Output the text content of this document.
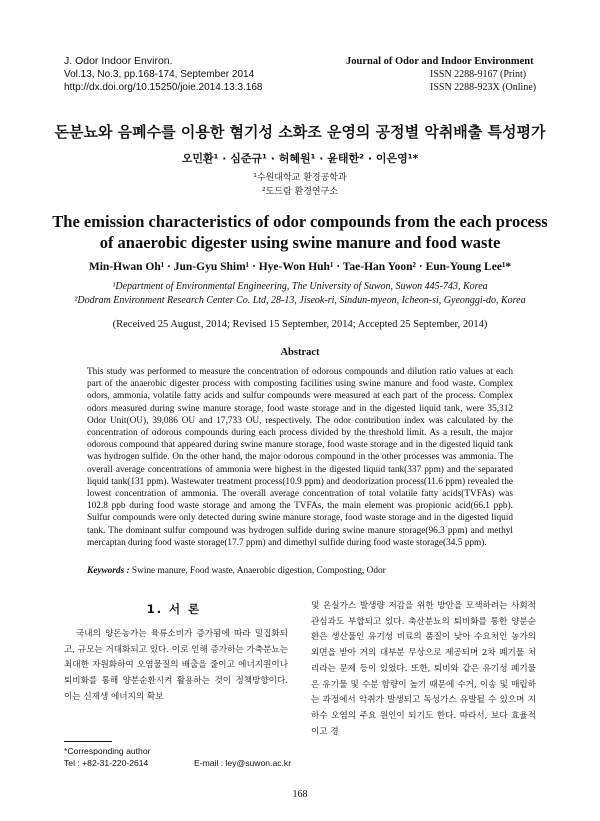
J. Odor Indoor Environ.
Vol.13, No.3, pp.168-174, September 2014
http://dx.doi.org/10.15250/joie.2014.13.3.168
Journal of Odor and Indoor Environment
ISSN 2288-9167 (Print)
ISSN 2288-923X (Online)
돈분뇨와 음폐수를 이용한 혐기성 소화조 운영의 공정별 악취배출 특성평가
오민환¹ · 심준규¹ · 허혜원¹ · 윤태한² · 이은영¹*
¹수원대학교 환경공학과
²도드람 환경연구소
The emission characteristics of odor compounds from the each process
of anaerobic digester using swine manure and food waste
Min-Hwan Oh¹ · Jun-Gyu Shim¹ · Hye-Won Huh¹ · Tae-Han Yoon² · Eun-Young Lee¹*
¹Department of Environmental Engineering, The University of Suwon, Suwon 445-743, Korea
²Dodram Environment Research Center Co. Ltd, 28-13, Jiseok-ri, Sindun-myeon, Icheon-si, Gyeonggi-do, Korea
(Received 25 August, 2014; Revised 15 September, 2014; Accepted 25 September, 2014)
Abstract
This study was performed to measure the concentration of odorous compounds and dilution ratio values at each part of the anaerobic digester process with composting facilities using swine manure and food waste. Complex odors, ammonia, volatile fatty acids and sulfur compounds were measured at each part of the process. Complex odors measured during swine manure storage, food waste storage and in the digested liquid tank, were 35,312 Odor Unit(OU), 39,086 OU and 17,733 OU, respectively. The odor contribution index was calculated by the concentration of odorous compounds during each process divided by the threshold limit. As a result, the major odorous compound that appeared during swine manure storage, food waste storage and in the digested liquid tank was hydrogen sulfide. On the other hand, the major odorous compound in the other processes was ammonia. The overall average concentrations of ammonia were highest in the digested liquid tank(337 ppm) and the separated liquid tank(131 ppm). Wastewater treatment process(10.9 ppm) and deodorization process(11.6 ppm) revealed the lowest concentration of ammonia. The overall average concentration of total volatile fatty acids(TVFAs) was 102.8 ppb during food waste storage and among the TVFAs, the main element was propionic acid(66.1 ppb). Sulfur compounds were only detected during swine manure storage, food waste storage and in the digested liquid tank. The dominant sulfur compound was hydrogen sulfide during swine manure storage(96.3 ppm) and methyl mercaptan during food waste storage(17.7 ppm) and dimethyl sulfide during food waste storage(34.5 ppm).
Keywords : Swine manure, Food waste, Anaerobic digestion, Composting, Odor
1. 서 론
국내의 양돈농가는 육류소비가 증가됨에 따라 밀집화되고, 규모는 거대화되고 있다. 이로 인해 증가하는 가축분뇨는 최대한 자원화하여 오염물질의 배출을 줄이고 에너지원이나 퇴비화를 통해 양분순환시켜 활용하는 것이 정책방향이다. 이는 신재생 에너지의 확보
및 온실가스 발생량 저감을 위한 방안을 모색하려는 사회적 관심과도 부합되고 있다. 축산분뇨의 퇴비화를 통한 양분순환은 생산물인 유기성 비료의 품질이 낮아 수요처인 농가의 외면을 받아 거의 대부분 무상으로 제공되며 2차 폐기물 처리라는 문제 등이 있었다. 또한, 퇴비와 같은 유기성 폐기물은 유기물 및 수분 함량이 높기 때문에 수거, 이송 및 매립하는 과정에서 악취가 발생되고 독성가스 유발될 수 있으며 지하수 오염의 주요 원인이 되기도 한다. 따라서, 보다 효율적이고 경
*Corresponding author
Tel : +82-31-220-2614	E-mail : ley@suwon.ac.kr
168
